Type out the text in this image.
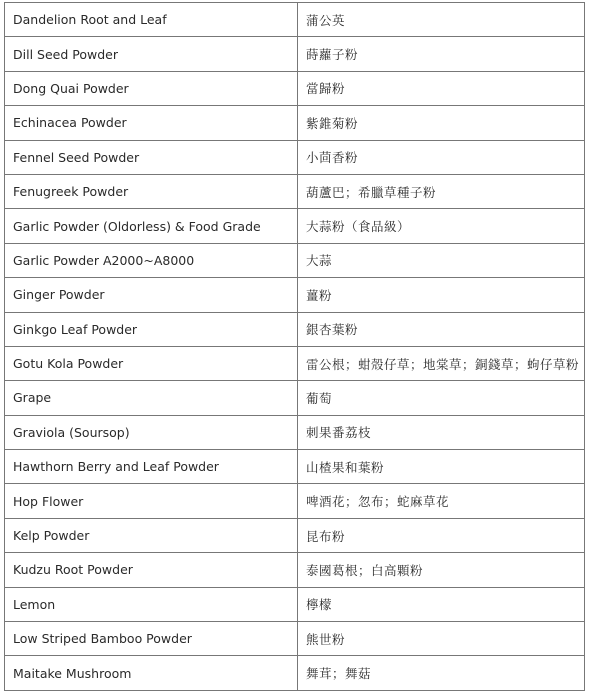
Dandelion Root and Leaf	蒲公英
Dill Seed Powder	蒔蘿子粉
Dong Quai Powder	當歸粉
Echinacea Powder	紫錐菊粉
Fennel Seed Powder	小茴香粉
Fenugreek Powder	葫蘆巴；希臘草種子粉
Garlic Powder (Oldorless) & Food Grade	大蒜粉（食品級）
Garlic Powder A2000~A8000	大蒜
Ginger Powder	薑粉
Ginkgo Leaf Powder	銀杏葉粉
Gotu Kola Powder	雷公根；蚶殼仔草；地棠草；銅錢草；蚼仔草粉
Grape	葡萄
Graviola (Soursop)	刺果番荔枝
Hawthorn Berry and Leaf Powder	山楂果和葉粉
Hop Flower	啤酒花；忽布；蛇麻草花
Kelp Powder	昆布粉
Kudzu Root Powder	泰國葛根；白高顆粉
Lemon	檸檬
Low Striped Bamboo Powder	熊世粉
Maitake Mushroom	舞茸；舞菇
